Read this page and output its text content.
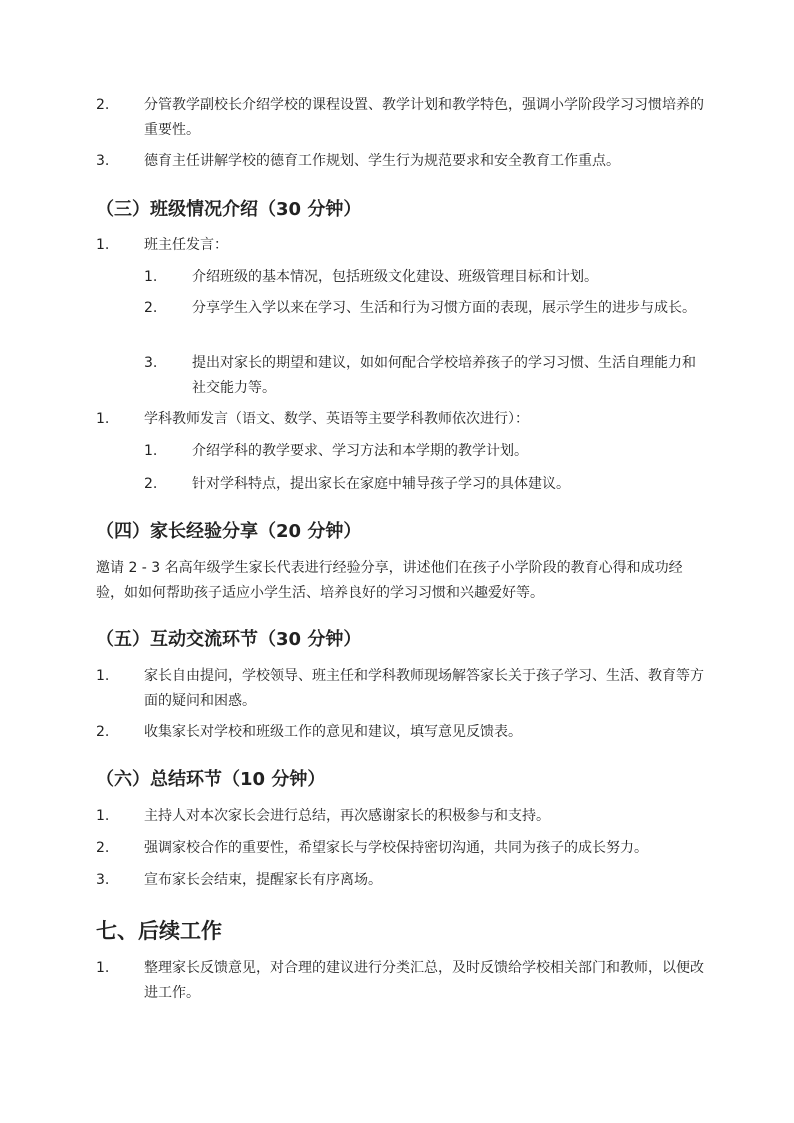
2. 分管教学副校长介绍学校的课程设置、教学计划和教学特色，强调小学阶段学习习惯培养的重要性。
3. 德育主任讲解学校的德育工作规划、学生行为规范要求和安全教育工作重点。
（三）班级情况介绍（30 分钟）
1. 班主任发言：
1. 介绍班级的基本情况，包括班级文化建设、班级管理目标和计划。
2. 分享学生入学以来在学习、生活和行为习惯方面的表现，展示学生的进步与成长。
3. 提出对家长的期望和建议，如如何配合学校培养孩子的学习习惯、生活自理能力和社交能力等。
1. 学科教师发言（语文、数学、英语等主要学科教师依次进行）：
1. 介绍学科的教学要求、学习方法和本学期的教学计划。
2. 针对学科特点，提出家长在家庭中辅导孩子学习的具体建议。
（四）家长经验分享（20 分钟）
邀请 2 - 3 名高年级学生家长代表进行经验分享，讲述他们在孩子小学阶段的教育心得和成功经验，如如何帮助孩子适应小学生活、培养良好的学习习惯和兴趣爱好等。
（五）互动交流环节（30 分钟）
1. 家长自由提问，学校领导、班主任和学科教师现场解答家长关于孩子学习、生活、教育等方面的疑问和困惑。
2. 收集家长对学校和班级工作的意见和建议，填写意见反馈表。
（六）总结环节（10 分钟）
1. 主持人对本次家长会进行总结，再次感谢家长的积极参与和支持。
2. 强调家校合作的重要性，希望家长与学校保持密切沟通，共同为孩子的成长努力。
3. 宣布家长会结束，提醒家长有序离场。
七、后续工作
1. 整理家长反馈意见，对合理的建议进行分类汇总，及时反馈给学校相关部门和教师，以便改进工作。
